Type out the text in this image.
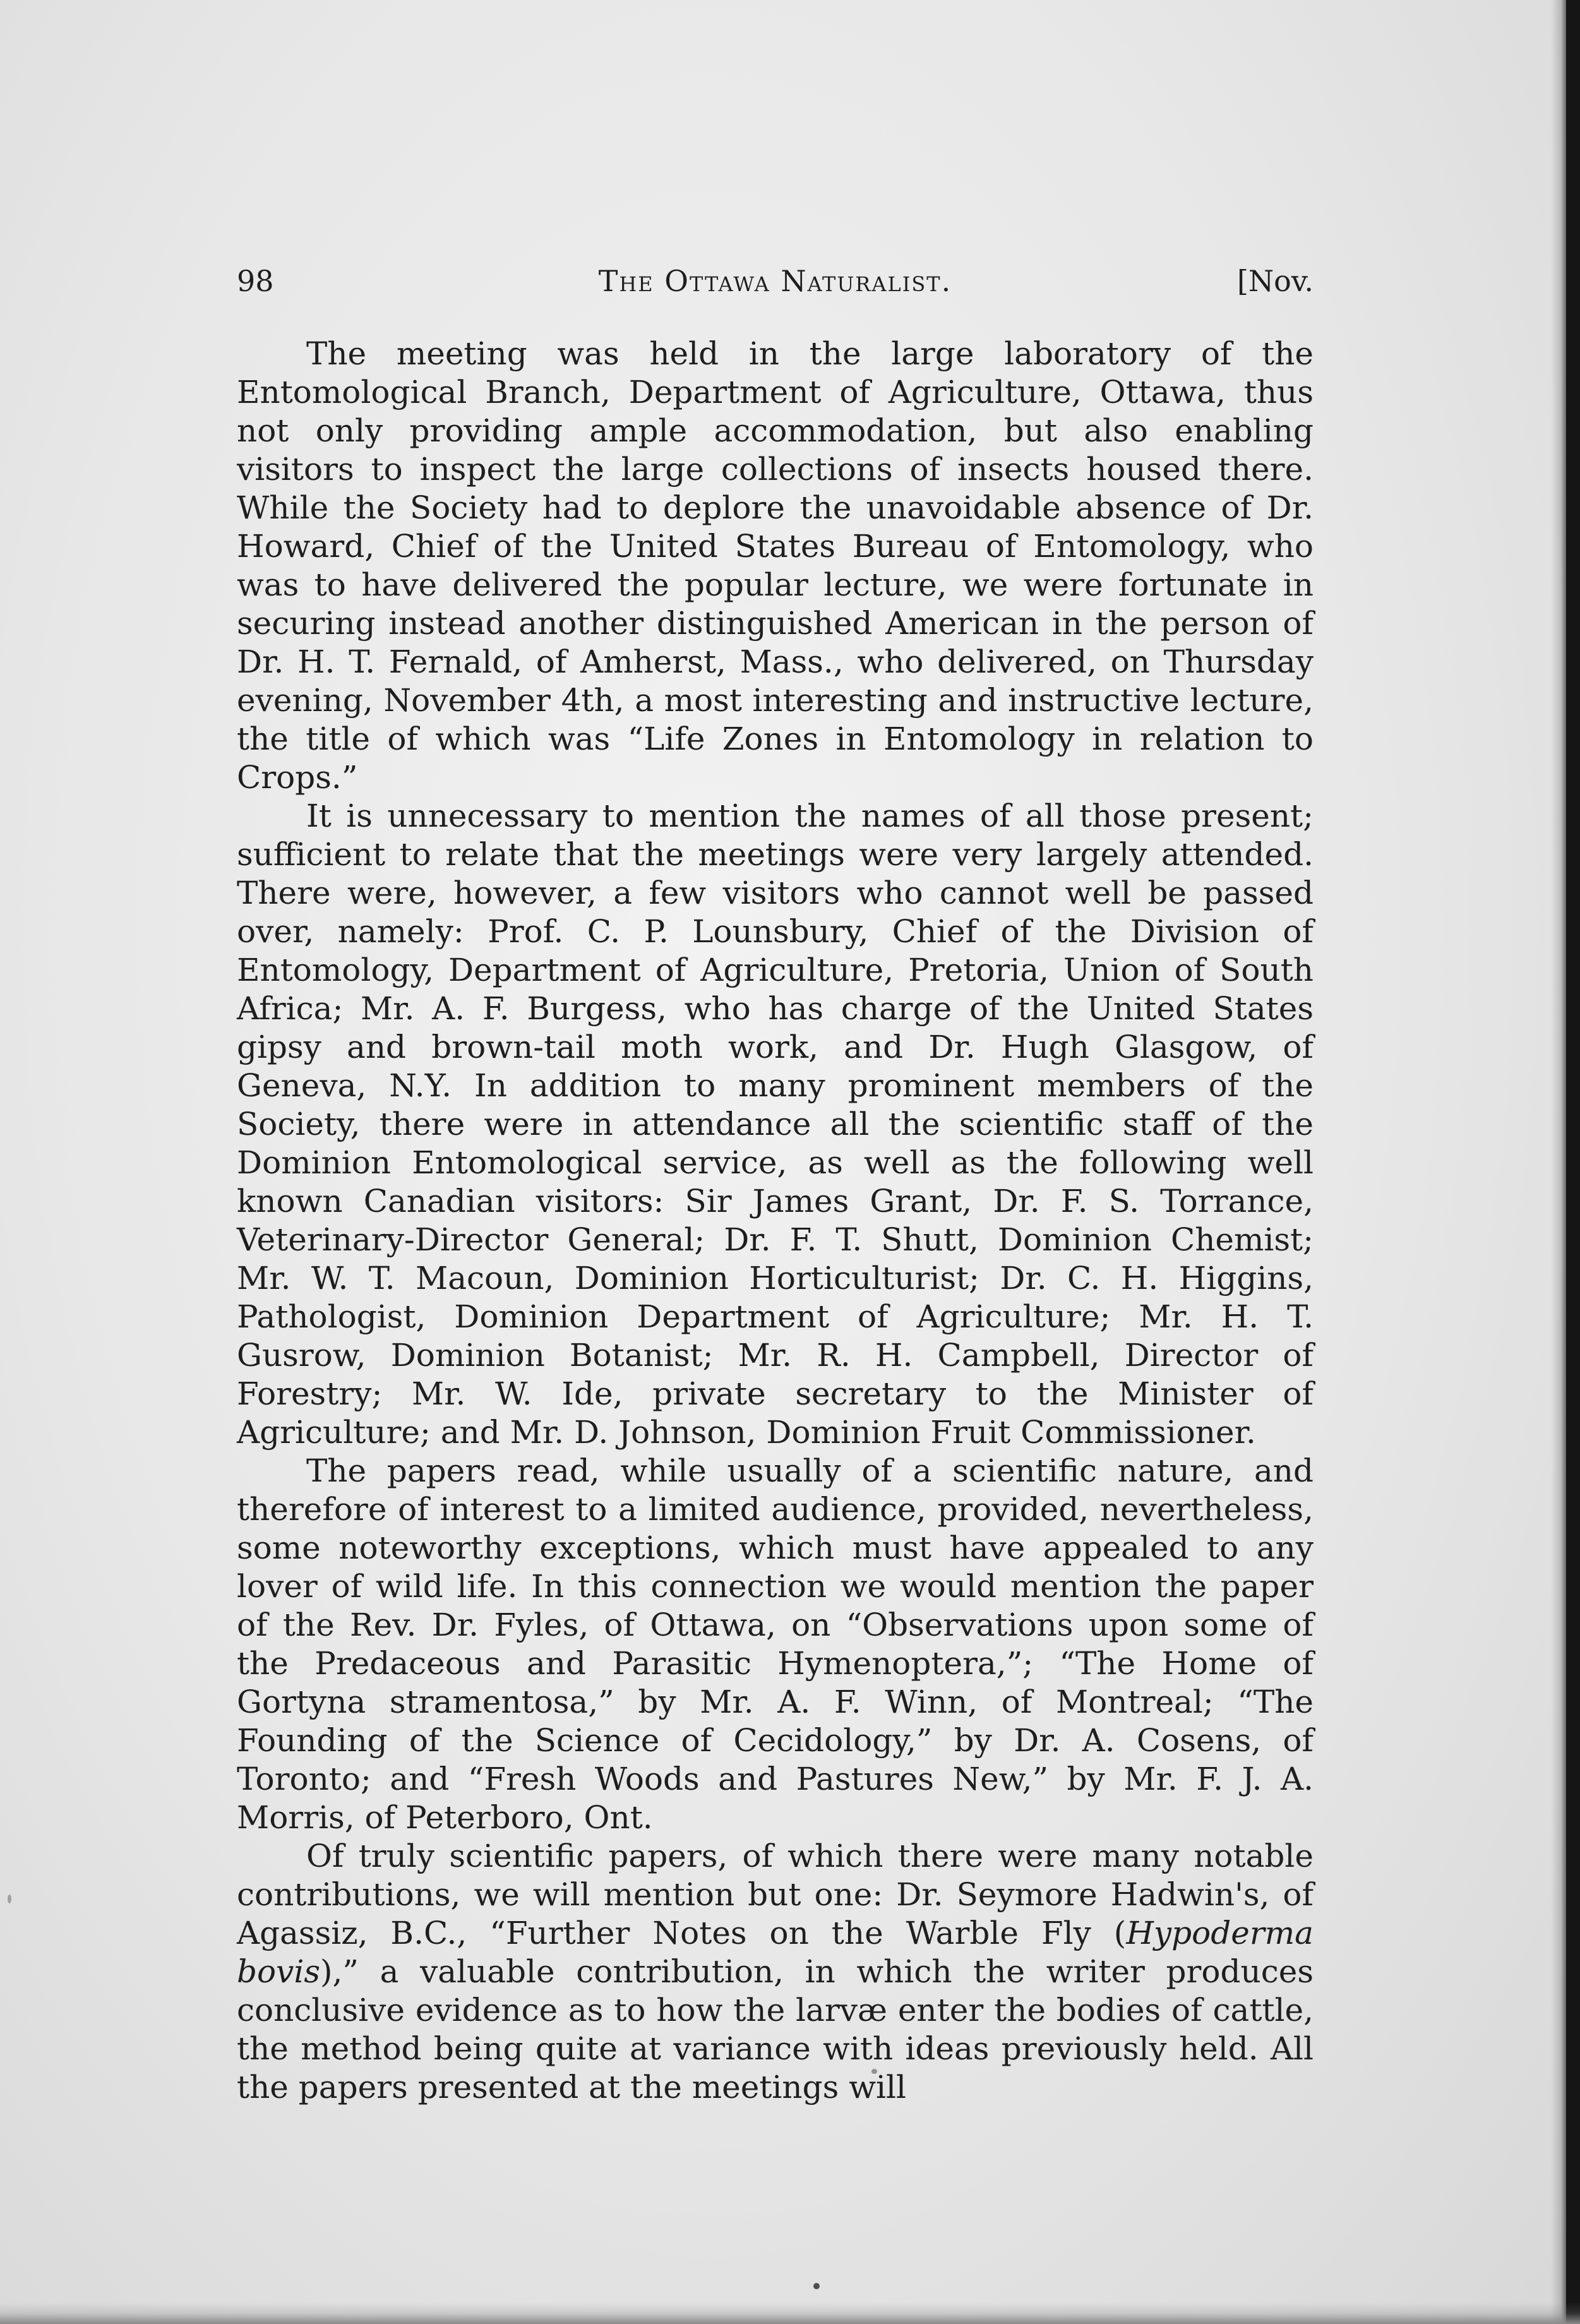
98	The Ottawa Naturalist.	[Nov.

The meeting was held in the large laboratory of the Entomological Branch, Department of Agriculture, Ottawa, thus not only providing ample accommodation, but also enabling visitors to inspect the large collections of insects housed there. While the Society had to deplore the unavoidable absence of Dr. Howard, Chief of the United States Bureau of Entomology, who was to have delivered the popular lecture, we were fortunate in securing instead another distinguished American in the person of Dr. H. T. Fernald, of Amherst, Mass., who delivered, on Thursday evening, November 4th, a most interesting and instructive lecture, the title of which was “Life Zones in Entomology in relation to Crops.”

It is unnecessary to mention the names of all those present; sufficient to relate that the meetings were very largely attended. There were, however, a few visitors who cannot well be passed over, namely: Prof. C. P. Lounsbury, Chief of the Division of Entomology, Department of Agriculture, Pretoria, Union of South Africa; Mr. A. F. Burgess, who has charge of the United States gipsy and brown-tail moth work, and Dr. Hugh Glasgow, of Geneva, N.Y. In addition to many prominent members of the Society, there were in attendance all the scientific staff of the Dominion Entomological service, as well as the following well known Canadian visitors: Sir James Grant, Dr. F. S. Torrance, Veterinary-Director General; Dr. F. T. Shutt, Dominion Chemist; Mr. W. T. Macoun, Dominion Horticulturist; Dr. C. H. Higgins, Pathologist, Dominion Department of Agriculture; Mr. H. T. Gusrow, Dominion Botanist; Mr. R. H. Campbell, Director of Forestry; Mr. W. Ide, private secretary to the Minister of Agriculture; and Mr. D. Johnson, Dominion Fruit Commissioner.

The papers read, while usually of a scientific nature, and therefore of interest to a limited audience, provided, nevertheless, some noteworthy exceptions, which must have appealed to any lover of wild life. In this connection we would mention the paper of the Rev. Dr. Fyles, of Ottawa, on “Observations upon some of the Predaceous and Parasitic Hymenoptera,”; “The Home of Gortyna stramentosa,” by Mr. A. F. Winn, of Montreal; “The Founding of the Science of Cecidology,” by Dr. A. Cosens, of Toronto; and “Fresh Woods and Pastures New,” by Mr. F. J. A. Morris, of Peterboro, Ont.

Of truly scientific papers, of which there were many notable contributions, we will mention but one: Dr. Seymore Hadwin's, of Agassiz, B.C., “Further Notes on the Warble Fly (Hypoderma bovis),” a valuable contribution, in which the writer produces conclusive evidence as to how the larvæ enter the bodies of cattle, the method being quite at variance with ideas previously held. All the papers presented at the meetings will
